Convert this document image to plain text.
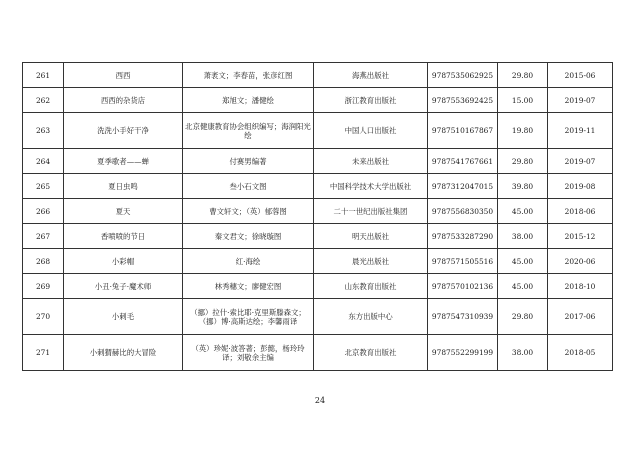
261	西西	萧袤文；李春苗，张彦红图	海燕出版社	9787535062925	29.80	2015-06
262	西西的杂货店	郑旭文；潘健绘	浙江教育出版社	9787553692425	15.00	2019-07
263	洗洗小手好干净	北京健康教育协会组织编写；海润阳光绘	中国人口出版社	9787510167867	19.80	2019-11
264	夏季歌者——蝉	付赛男编著	未来出版社	9787541767661	29.80	2019-07
265	夏日虫鸣	叁小石文图	中国科学技术大学出版社	9787312047015	39.80	2019-08
266	夏天	曹文轩文；（英）郁蓉图	二十一世纪出版社集团	9787556830350	45.00	2018-06
267	香喷喷的节日	秦文君文；徐晓璇图	明天出版社	9787533287290	38.00	2015-12
268	小彩帽	红·海绘	晨光出版社	9787571505516	45.00	2020-06
269	小丑·兔子·魔术师	林秀穗文；廖健宏图	山东教育出版社	9787570102136	45.00	2018-10
270	小刺毛	（挪）拉什·索比耶·克里斯滕森文；（挪）博·高斯达绘；李馨雨译	东方出版中心	9787547310939	29.80	2017-06
271	小刺猬赫比的大冒险	（英）珍妮·波答著；彭懿，杨玲玲译；刘敬余主编	北京教育出版社	9787552299199	38.00	2018-05
24
